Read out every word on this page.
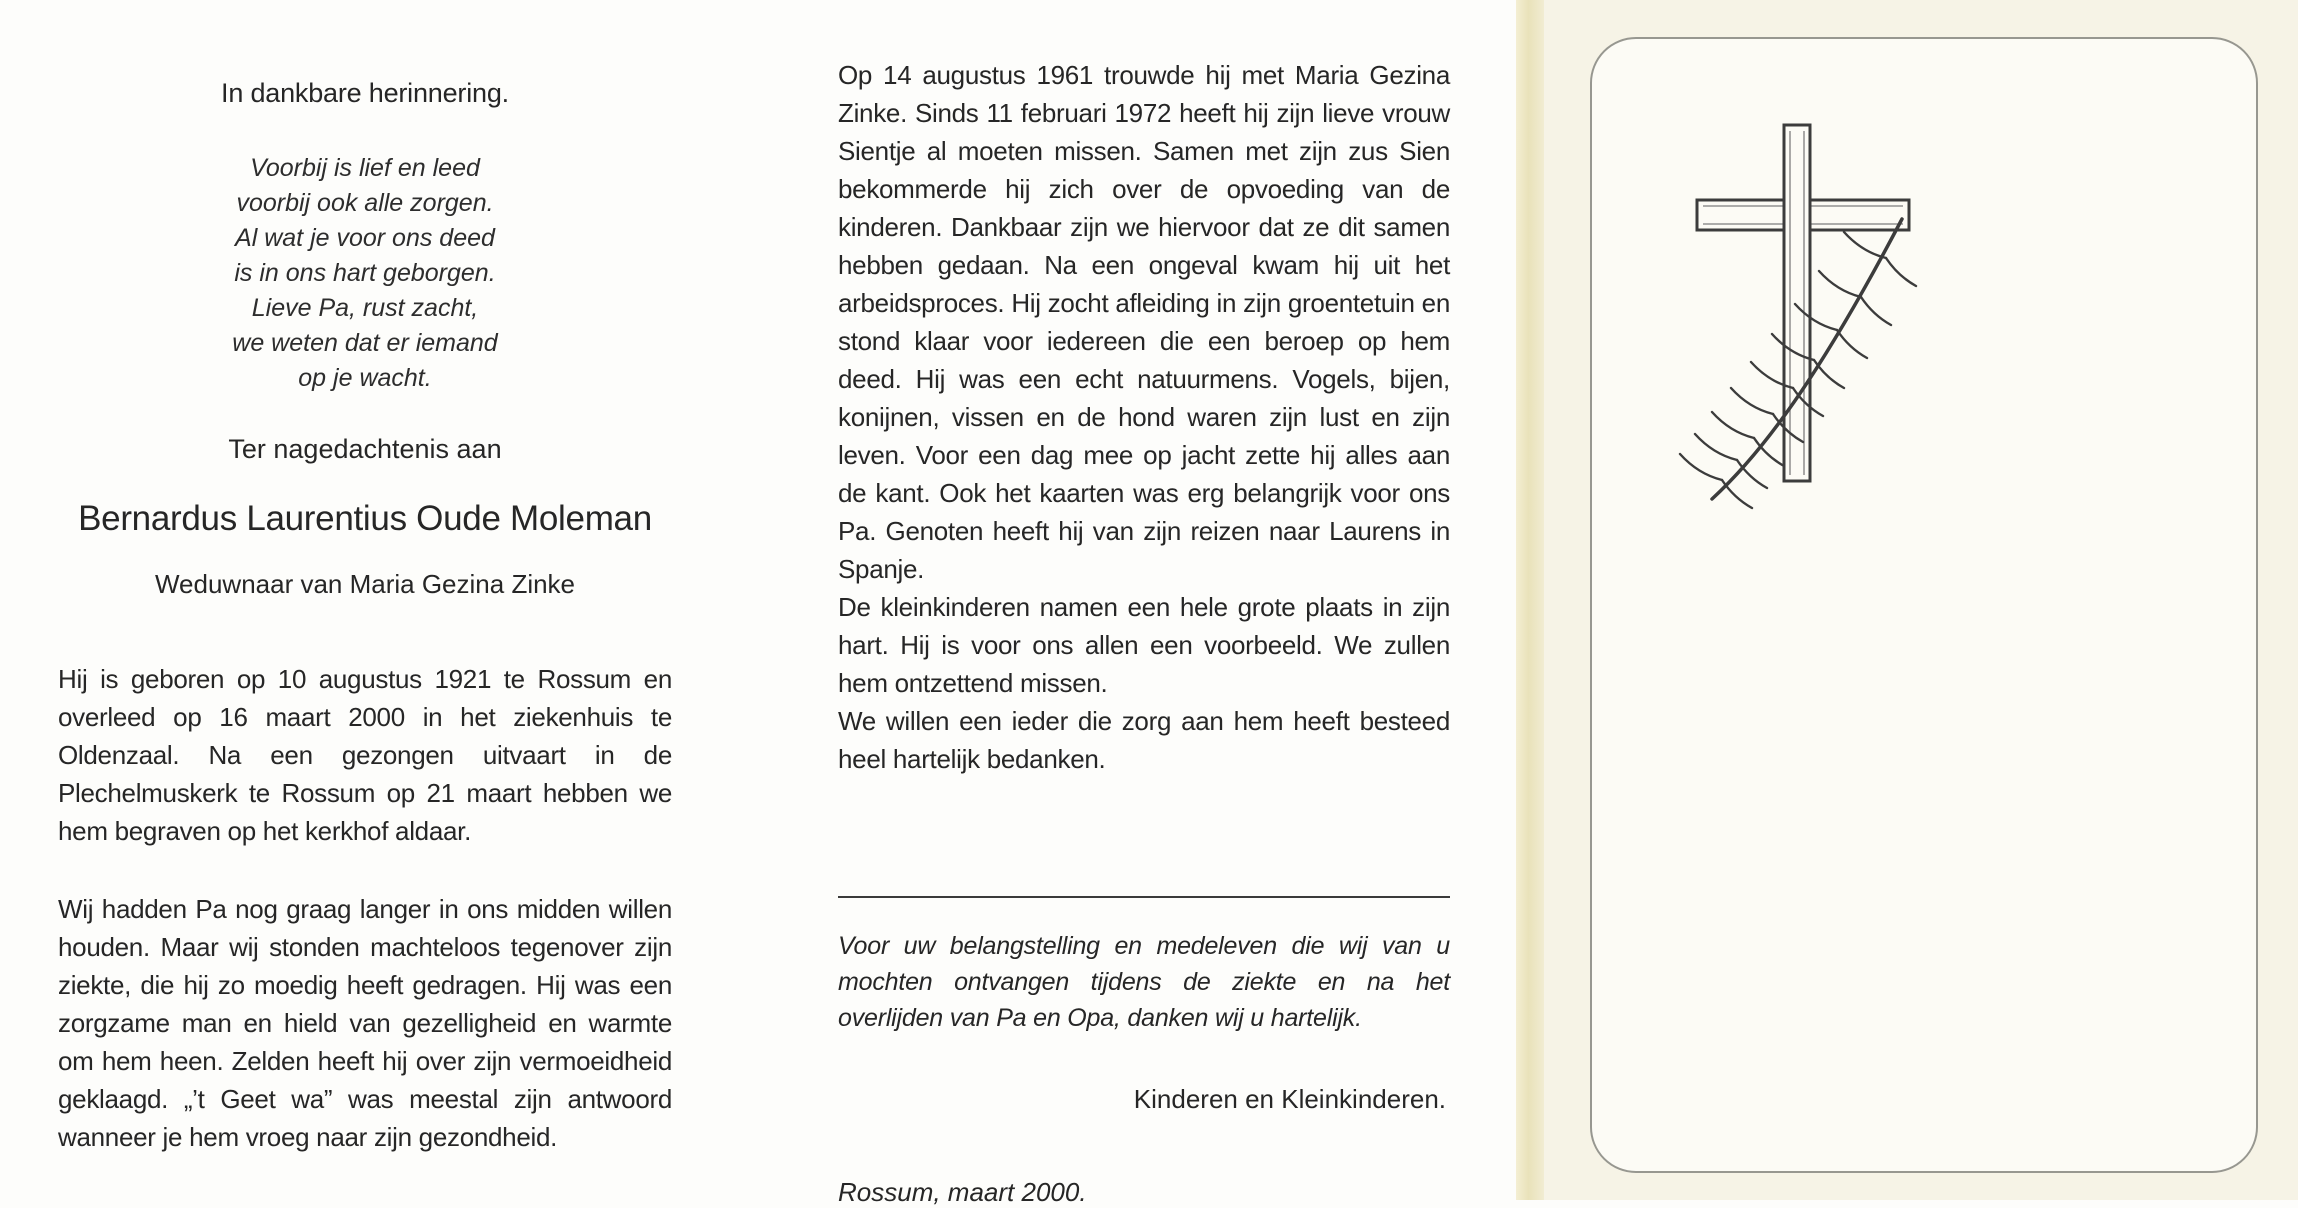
In dankbare herinnering.
Voorbij is lief en leed
voorbij ook alle zorgen.
Al wat je voor ons deed
is in ons hart geborgen.
Lieve Pa, rust zacht,
we weten dat er iemand
op je wacht.
Ter nagedachtenis aan
Bernardus Laurentius Oude Moleman
Weduwnaar van Maria Gezina Zinke

Hij is geboren op 10 augustus 1921 te Rossum en overleed op 16 maart 2000 in het ziekenhuis te Oldenzaal. Na een gezongen uitvaart in de Plechelmuskerk te Rossum op 21 maart hebben we hem begraven op het kerkhof aldaar.

Wij hadden Pa nog graag langer in ons midden willen houden. Maar wij stonden machteloos tegenover zijn ziekte, die hij zo moedig heeft gedragen. Hij was een zorgzame man en hield van gezelligheid en warmte om hem heen. Zelden heeft hij over zijn vermoeidheid geklaagd. „’t Geet wa” was meestal zijn antwoord wanneer je hem vroeg naar zijn gezondheid.

Op 14 augustus 1961 trouwde hij met Maria Gezina Zinke. Sinds 11 februari 1972 heeft hij zijn lieve vrouw Sientje al moeten missen. Samen met zijn zus Sien bekommerde hij zich over de opvoeding van de kinderen. Dankbaar zijn we hiervoor dat ze dit samen hebben gedaan. Na een ongeval kwam hij uit het arbeidsproces. Hij zocht afleiding in zijn groentetuin en stond klaar voor iedereen die een beroep op hem deed. Hij was een echt natuurmens. Vogels, bijen, konijnen, vissen en de hond waren zijn lust en zijn leven. Voor een dag mee op jacht zette hij alles aan de kant. Ook het kaarten was erg belangrijk voor ons Pa. Genoten heeft hij van zijn reizen naar Laurens in Spanje.

De kleinkinderen namen een hele grote plaats in zijn hart. Hij is voor ons allen een voorbeeld. We zullen hem ontzettend missen.

We willen een ieder die zorg aan hem heeft besteed heel hartelijk bedanken.

Voor uw belangstelling en medeleven die wij van u mochten ontvangen tijdens de ziekte en na het overlijden van Pa en Opa, danken wij u hartelijk.

Kinderen en Kleinkinderen.
Rossum, maart 2000.
